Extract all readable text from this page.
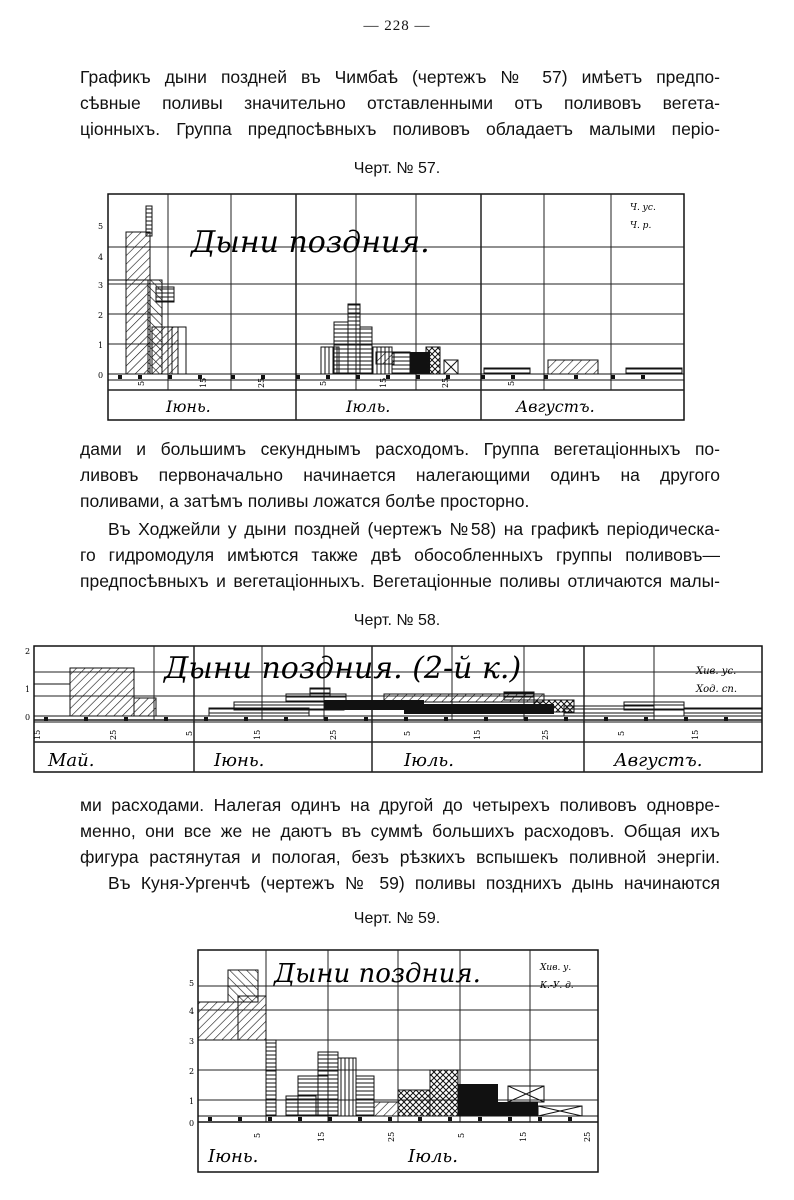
— 228 —
Графикъ дыни поздней въ Чимбаѣ (чертежъ № 57) имѣетъ предпо-
сѣвные поливы значительно отставленными отъ поливовъ вегета-
ціонныхъ. Группа предпосѣвныхъ поливовъ обладаетъ малыми періо-
Черт. № 57.
5
4
3
2
1
0
5	15	25	5	15	25	5
Дыни поздния.
Ч. ус.
Ч. р.
Іюнь.	Іюль.	Августъ.
дами и большимъ секунднымъ расходомъ. Группа вегетаціонныхъ по-
ливовъ первоначально начинается налегающими одинъ на другого
поливами, а затѣмъ поливы ложатся болѣе просторно.
Въ Ходжейли у дыни поздней (чертежъ №58) на графикѣ періодическа-
го гидромодуля имѣются также двѣ обособленныхъ группы поливовъ—
предпосѣвныхъ и вегетаціонныхъ. Вегетаціонные поливы отличаются малы-
Черт. № 58.
2
1
0
15	25	5	15	25	5	15	25	5	15
Дыни поздния. (2-й к.)	Хив. ус.
Ход. сп.
Май.	Іюнь.	Іюль.	Августъ.
ми расходами. Налегая одинъ на другой до четырехъ поливовъ одновре-
менно, они все же не даютъ въ суммѣ большихъ расходовъ. Общая ихъ
фигура растянутая и пологая, безъ рѣзкихъ вспышекъ поливной энергіи.
Въ Куня-Ургенчѣ (чертежъ № 59) поливы позднихъ дынь начинаются
Черт. № 59.
5
4
3
2
1
0
5	15	25	5	15	25
Дыни поздния.	Хив. у.
К.-У. д.
Іюнь.	Іюль.
